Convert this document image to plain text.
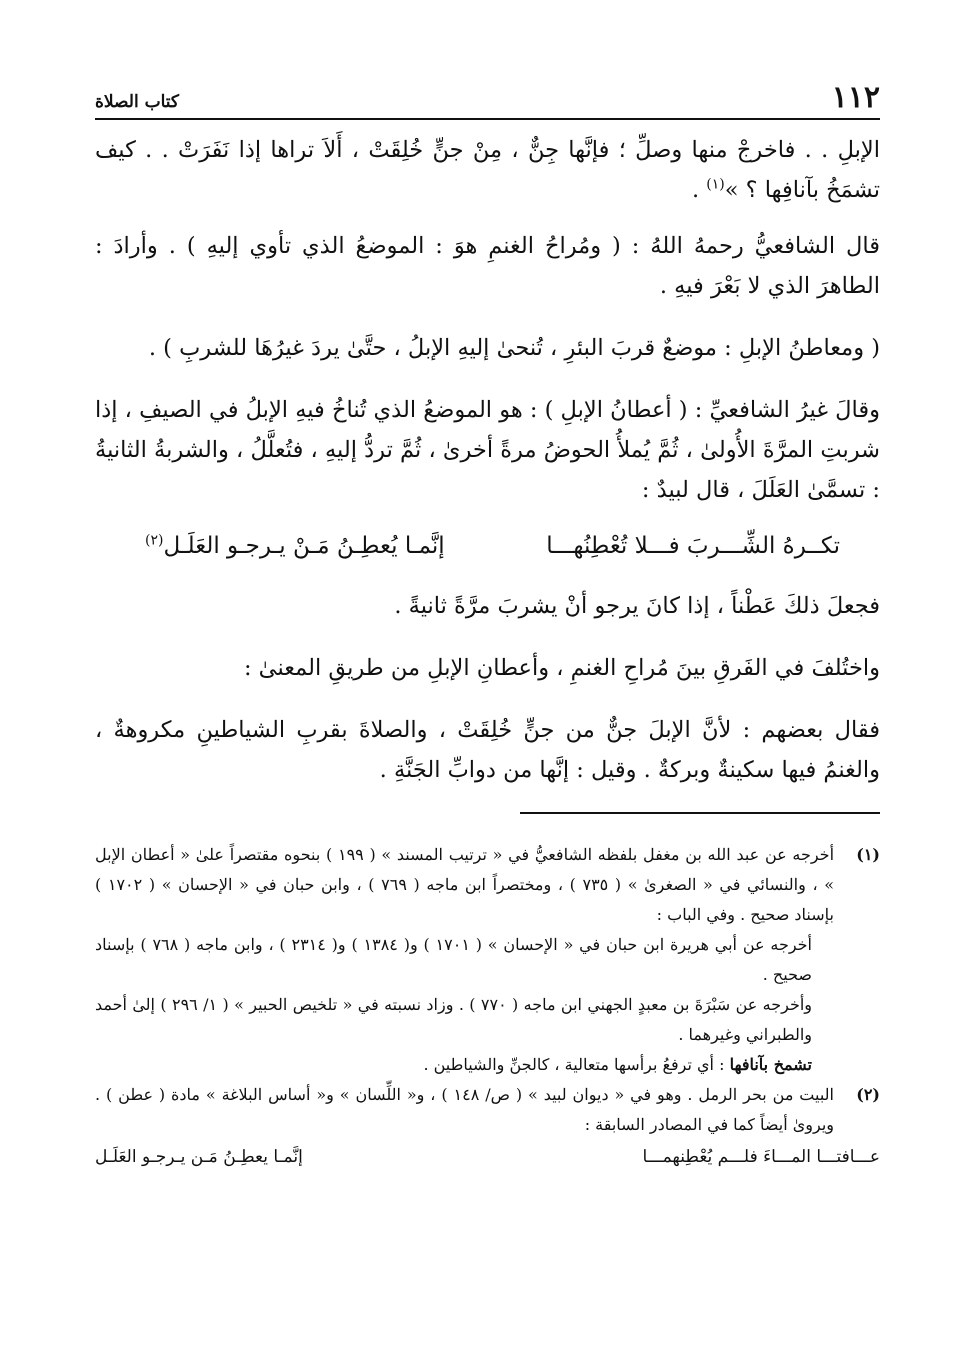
١١٢
كتاب الصلاة

الإبلِ . . فاخرجْ منها وصلِّ ؛ فإنَّها جِنٌّ ، مِنْ جنٍّ خُلِقَتْ ، أَلاَ تراها إذا نَفَرَتْ . . كيف تشمَخُ بآنافِها ؟ »$^{(١)}$ .

قال الشافعيُّ رحمهُ اللهُ : ( ومُراحُ الغنمِ هوَ : الموضعُ الذي تأوي إليهِ ) . وأرادَ : الطاهرَ الذي لا بَعْرَ فيهِ .

( ومعاطنُ الإبلِ : موضعٌ قربَ البئرِ ، تُنحىٰ إليهِ الإبلُ ، حتَّىٰ يردَ غيرُهَا للشربِ ) .

وقالَ غيرُ الشافعيِّ : ( أعطانُ الإبلِ ) : هو الموضعُ الذي تُناخُ فيهِ الإبلُ في الصيفِ ، إذا شربتِ المرَّةَ الأُولىٰ ، ثُمَّ يُملأُ الحوضُ مرةً أخرىٰ ، ثُمَّ تردُّ إليهِ ، فتُعلَّلُ ، والشربةُ الثانيةُ : تسمَّىٰ العَلَلَ ، قال لبيدٌ :

تكــرهُ الشِّـــربَ فـــلا تُعْطِنُهـــا
إنَّمـا يُعطِـنُ مَـنْ يـرجـو العَلَـل$^{(٢)}$

فجعلَ ذلكَ عَطْناً ، إذا كانَ يرجو أنْ يشربَ مرَّةً ثانيةً .

واختُلفَ في الفَرقِ بينَ مُراحِ الغنمِ ، وأعطانِ الإبلِ من طريقِ المعنىٰ :

فقال بعضهم : لأنَّ الإبلَ جنٌّ من جنٍّ خُلِقَتْ ، والصلاةَ بقربِ الشياطينِ مكروهةٌ ، والغنمُ فيها سكينةٌ وبركةٌ . وقيل : إنَّها من دوابِّ الجَنَّةِ .

(١)
أخرجه عن عبد الله بن مغفل بلفظه الشافعيُّ في « ترتيب المسند » ( ١٩٩ ) بنحوه مقتصراً علىٰ « أعطان الإبل » ، والنسائي في « الصغرىٰ » ( ٧٣٥ ) ، ومختصراً ابن ماجه ( ٧٦٩ ) ، وابن حبان في « الإحسان » ( ١٧٠٢ ) بإسناد صحيح . وفي الباب :
أخرجه عن أبي هريرة ابن حبان في « الإحسان » ( ١٧٠١ ) و( ١٣٨٤ ) و( ٢٣١٤ ) ، وابن ماجه ( ٧٦٨ ) بإسناد صحيح .
وأخرجه عن سَبْرَةَ بن معبدٍ الجهني ابن ماجه ( ٧٧٠ ) . وزاد نسبته في « تلخيص الحبير » ( ١/ ٢٩٦ ) إلىٰ أحمد والطبراني وغيرهما .
تشمخ بآنافها : أي ترفعُ برأسها متعالية ، كالجنِّ والشياطين .
(٢)
البيت من بحر الرمل . وهو في « ديوان لبيد » ( ص/ ١٤٨ ) ، و« اللِّسان » و« أساس البلاغة » مادة ( عطن ) . ويروىٰ أيضاً كما في المصادر السابقة :
عـــافتـــا المـــاءَ فلـــم يُعْطِنهمـــا
إنَّمـا يعطِـنُ مَـن يـرجـو العَلَـل
